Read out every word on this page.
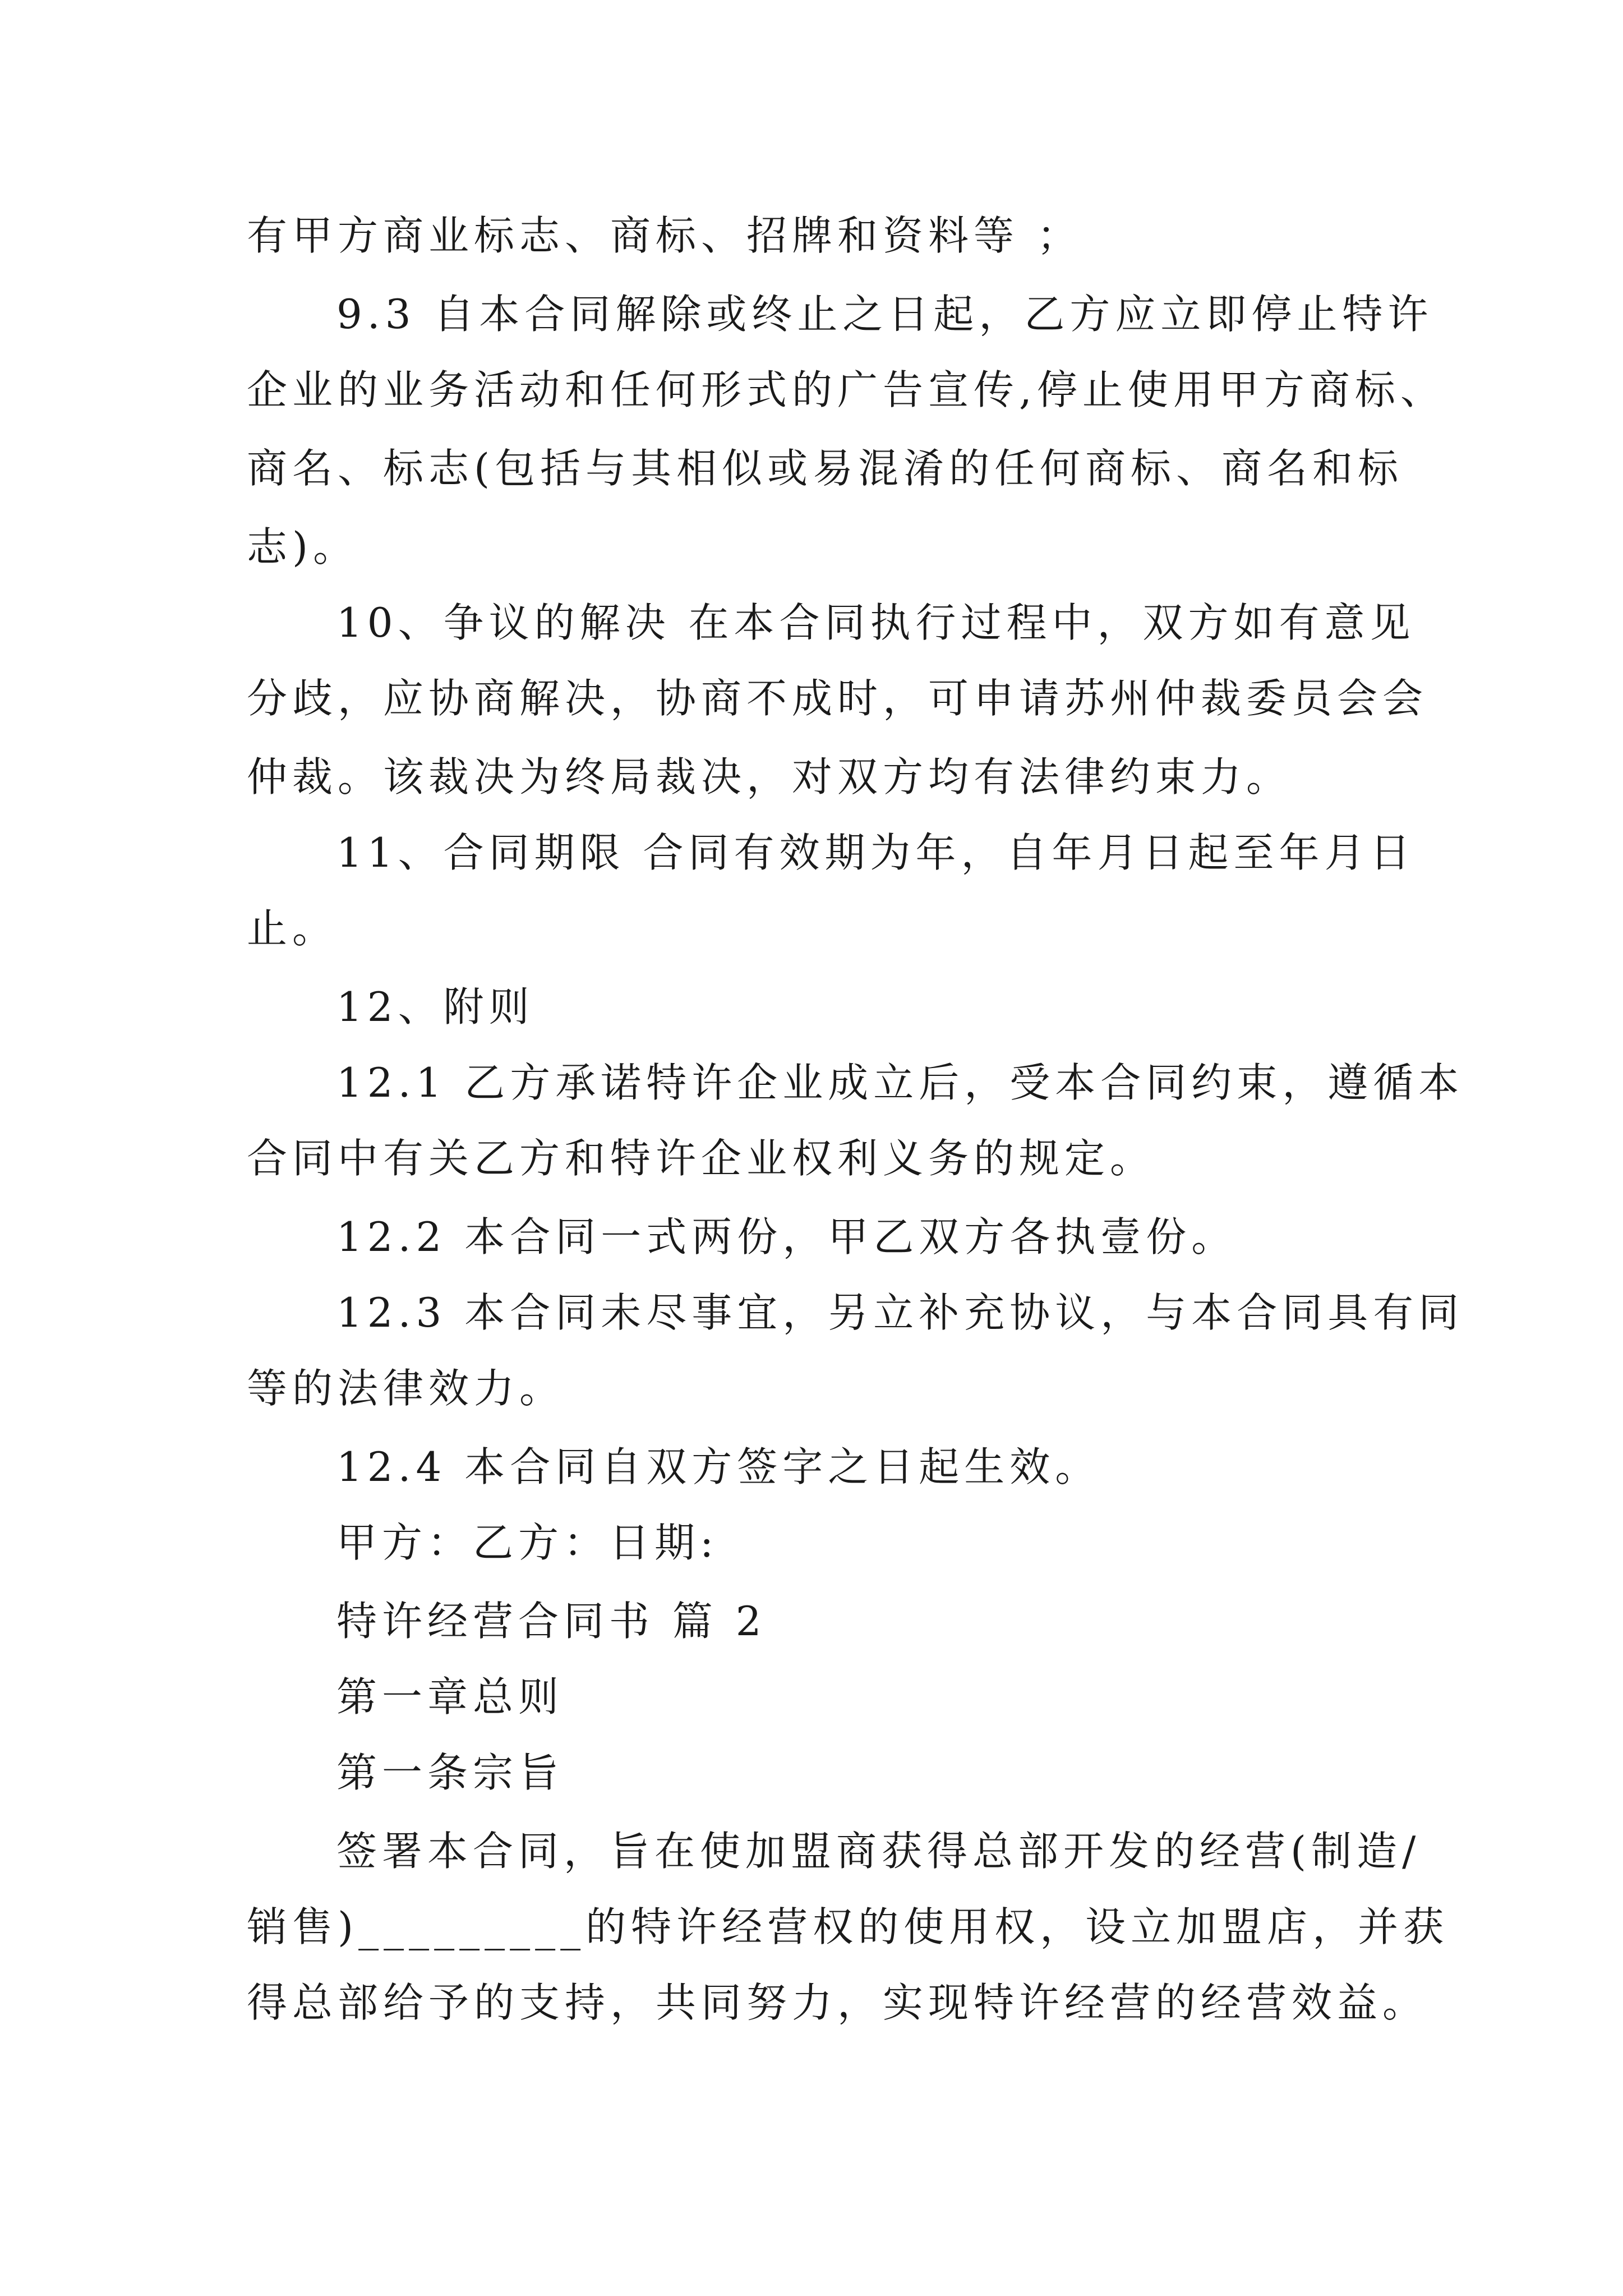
有甲方商业标志、商标、招牌和资料等 ；
9.3 自本合同解除或终止之日起，乙方应立即停止特许
企业的业务活动和任何形式的广告宣传,停止使用甲方商标、
商名、标志(包括与其相似或易混淆的任何商标、商名和标
志)。
10、争议的解决 在本合同执行过程中，双方如有意见
分歧，应协商解决，协商不成时，可申请苏州仲裁委员会会
仲裁。该裁决为终局裁决，对双方均有法律约束力。
11、合同期限 合同有效期为年，自年月日起至年月日
止。
12、附则
12.1 乙方承诺特许企业成立后，受本合同约束，遵循本
合同中有关乙方和特许企业权利义务的规定。
12.2 本合同一式两份，甲乙双方各执壹份。
12.3 本合同未尽事宜，另立补充协议，与本合同具有同
等的法律效力。
12.4 本合同自双方签字之日起生效。
甲方：乙方：日期:
特许经营合同书 篇 2
第一章总则
第一条宗旨
签署本合同，旨在使加盟商获得总部开发的经营(制造/
销售)_________的特许经营权的使用权，设立加盟店，并获
得总部给予的支持，共同努力，实现特许经营的经营效益。
